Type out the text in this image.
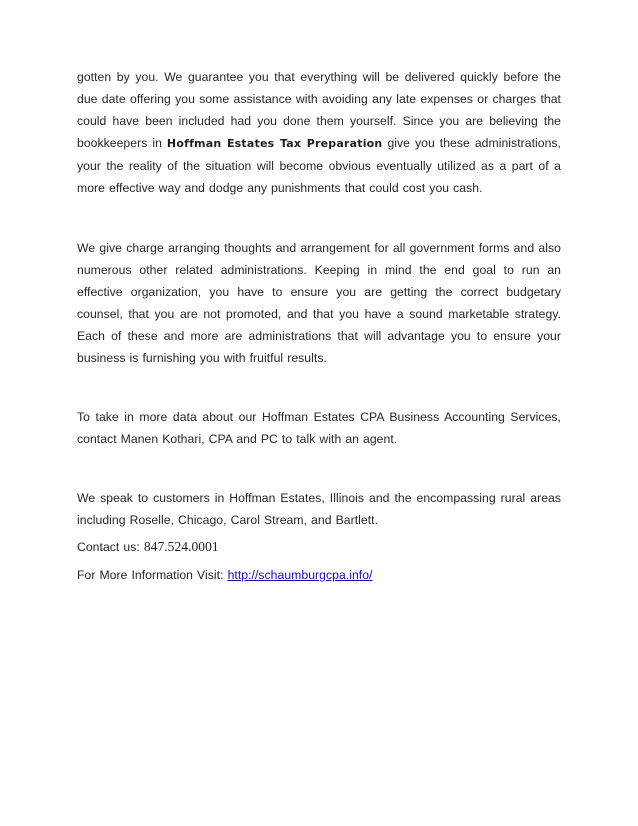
gotten by you. We guarantee you that everything will be delivered quickly before the due date offering you some assistance with avoiding any late expenses or charges that could have been included had you done them yourself. Since you are believing the bookkeepers in Hoffman Estates Tax Preparation give you these administrations, your the reality of the situation will become obvious eventually utilized as a part of a more effective way and dodge any punishments that could cost you cash.

We give charge arranging thoughts and arrangement for all government forms and also numerous other related administrations. Keeping in mind the end goal to run an effective organization, you have to ensure you are getting the correct budgetary counsel, that you are not promoted, and that you have a sound marketable strategy. Each of these and more are administrations that will advantage you to ensure your business is furnishing you with fruitful results.

To take in more data about our Hoffman Estates CPA Business Accounting Services, contact Manen Kothari, CPA and PC to talk with an agent.

We speak to customers in Hoffman Estates, Illinois and the encompassing rural areas including Roselle, Chicago, Carol Stream, and Bartlett.

Contact us: 847.524.0001

For More Information Visit: http://schaumburgcpa.info/
